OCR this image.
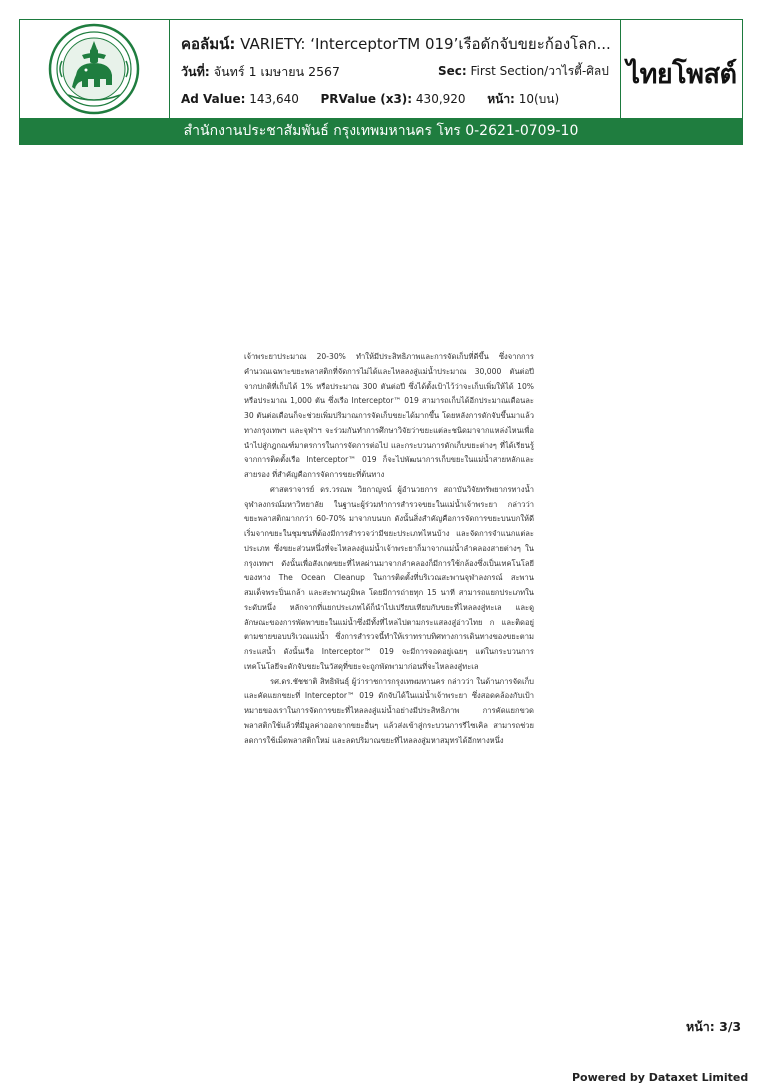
คอลัมน์: VARIETY: ‘InterceptorTM 019’เรือดักจับขยะก้องโลก...
วันที่: จันทร์ 1 เมษายน 2567	Sec: First Section/วาไรตี้-ศิลป
Ad Value: 143,640 PRValue (x3): 430,920 หน้า: 10(บน)
ไทยโพสต์
สำนักงานประชาสัมพันธ์ กรุงเทพมหานคร โทร 0-2621-0709-10

เจ้าพระยาประมาณ 20-30% ทำให้มีประสิทธิภาพและการจัดเก็บที่ดีขึ้น ซึ่งจากการคำนวณเฉพาะขยะพลาสติกที่จัดการไม่ได้และไหลลงสู่แม่น้ำประมาณ 30,000 ตันต่อปี จากปกติที่เก็บได้ 1% หรือประมาณ 300 ตันต่อปี ซึ่งได้ตั้งเป้าไว้ว่าจะเก็บเพิ่มให้ได้ 10% หรือประมาณ 1,000 ตัน ซึ่งเรือ Interceptor™ 019 สามารถเก็บได้อีกประมาณเดือนละ 30 ตันต่อเดือนก็จะช่วยเพิ่มปริมาณการจัดเก็บขยะได้มากขึ้น โดยหลังการดักจับขึ้นมาแล้วทางกรุงเทพฯ และจุฬาฯ จะร่วมกันทำการศึกษาวิจัยว่าขยะแต่ละชนิดมาจากแหล่งไหนเพื่อนำไปสู่กฎกณฑ์มาตรการในการจัดการต่อไป และกระบวนการดักเก็บขยะต่างๆ ที่ได้เรียนรู้จากการติดตั้งเรือ Interceptor™ 019 ก็จะไปพัฒนาการเก็บขยะในแม่น้ำสายหลักและสายรอง ที่สำคัญคือการจัดการขยะที่ต้นทาง

ศาสตราจารย์ ดร.วรณพ วิยกาญจน์ ผู้อำนวยการ สถาบันวิจัยทรัพยากรทางน้ำ จุฬาลงกรณ์มหาวิทยาลัย ในฐานะผู้ร่วมทำการสำรวจขยะในแม่น้ำเจ้าพระยา กล่าวว่า ขยะพลาสติกมากกว่า 60-70% มาจากบนบก ดังนั้นสิ่งสำคัญคือการจัดการขยะบนบกให้ดี เริ่มจากขยะในชุมชนที่ต้องมีการสำรวจว่ามีขยะประเภทไหนบ้าง และจัดการจำแนกแต่ละประเภท ซึ่งขยะส่วนหนึ่งที่จะไหลลงสู่แม่น้ำเจ้าพระยาก็มาจากแม่น้ำลำคลองสายต่างๆ ในกรุงเทพฯ ดังนั้นเพื่อสังเกตขยะที่ไหลผ่านมาจากลำคลองก็มีการใช้กล้องซึ่งเป็นเทคโนโลยีของทาง The Ocean Cleanup ในการติดตั้งที่บริเวณสะพานจุฬาลงกรณ์ สะพานสมเด็จพระปิ่นเกล้า และสะพานภูมิพล โดยมีการถ่ายทุก 15 นาที สามารถแยกประเภทในระดับหนึ่ง หลักจากที่แยกประเภทได้ก็นำไปเปรียบเทียบกับขยะที่ไหลลงสู่ทะเล และดูลักษณะของการพัดพาขยะในแม่น้ำซึ่งมีทั้งที่ไหลไปตามกระแสลงสู่อ่าวไทย ก และติดอยู่ตามชายขอบบริเวณแม่น้ำ ซึ่งการสำรวจนี้ทำให้เราทราบทิศทางการเดินทางของขยะตามกระแสน้ำ ดังนั้นเรือ Interceptor™ 019 จะมีการจอดอยู่เฉยๆ แต่ในกระบวนการเทคโนโลยีจะดักจับขยะในวัสดุที่ขยะจะถูกพัดพามาก่อนที่จะไหลลงสู่ทะเล

รศ.ดร.ชัชชาติ สิทธิพันธุ์ ผู้ว่าราชการกรุงเทพมหานคร กล่าวว่า ในด้านการจัดเก็บและคัดแยกขยะที่ Interceptor™ 019 ดักจับได้ในแม่น้ำเจ้าพระยา ซึ่งสอดคล้องกับเป้าหมายของเราในการจัดการขยะที่ไหลลงสู่แม่น้ำอย่างมีประสิทธิภาพ การคัดแยกขวดพลาสติกใช้แล้วที่มีมูลค่าออกจากขยะอื่นๆ แล้วส่งเข้าสู่กระบวนการรีไซเคิล สามารถช่วยลดการใช้เม็ดพลาสติกใหม่ และลดปริมาณขยะที่ไหลลงสู่มหาสมุทรได้อีกทางหนึ่ง

หน้า: 3/3
Powered by Dataxet Limited
